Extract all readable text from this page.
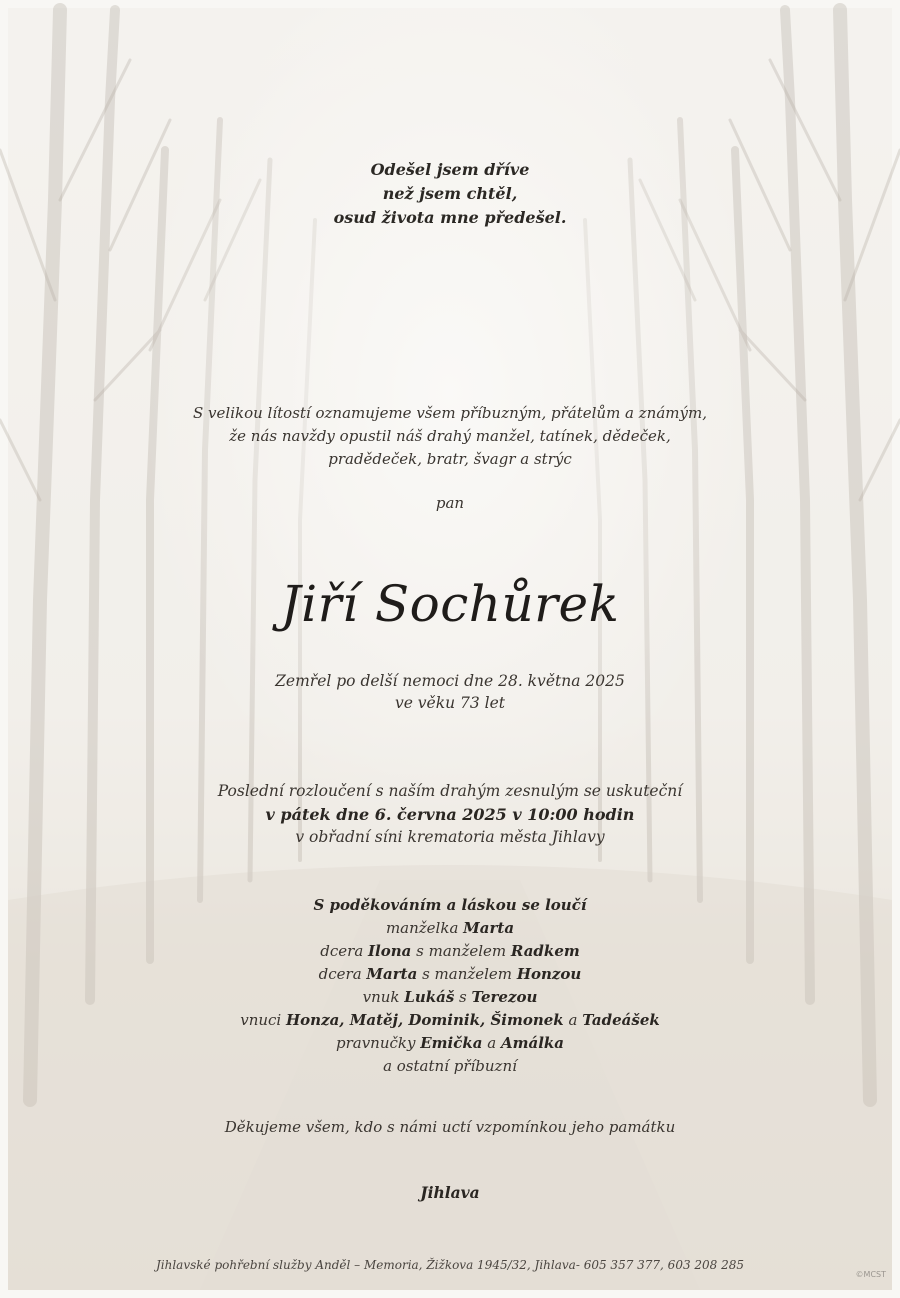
Odešel jsem dříve
než jsem chtěl,
osud života mne předešel.
S velikou lítostí oznamujeme všem příbuzným, přátelům a známým,
že nás navždy opustil náš drahý manžel, tatínek, dědeček,
pradědeček, bratr, švagr a strýc
pan
Jiří Sochůrek
Zemřel po delší nemoci dne 28. května 2025
ve věku 73 let
Poslední rozloučení s naším drahým zesnulým se uskuteční
v pátek dne 6. června 2025 v 10:00 hodin
v obřadní síni krematoria města Jihlavy
S poděkováním a láskou se loučí
manželka Marta
dcera Ilona s manželem Radkem
dcera Marta s manželem Honzou
vnuk Lukáš s Terezou
vnuci Honza, Matěj, Dominik, Šimonek a Tadeášek
pravnučky Emička a Amálka
a ostatní příbuzní
Děkujeme všem, kdo s námi uctí vzpomínkou jeho památku
Jihlava
Jihlavské pohřební služby Anděl – Memoria, Žižkova 1945/32, Jihlava- 605 357 377, 603 208 285
©MCST
